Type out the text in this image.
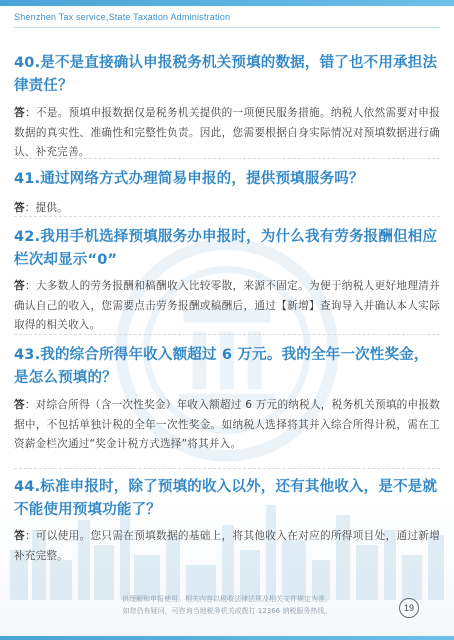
Shenzhen Tax service,State Taxation Administration
40.是不是直接确认申报税务机关预填的数据，错了也不用承担法律责任？
答：不是。预填申报数据仅是税务机关提供的一项便民服务措施。纳税人依然需要对申报数据的真实性、准确性和完整性负责。因此，您需要根据自身实际情况对预填数据进行确认、补充完善。
41.通过网络方式办理简易申报的，提供预填服务吗？
答：提供。
42.我用手机选择预填服务办申报时，为什么我有劳务报酬但相应栏次却显示“0”
答：大多数人的劳务报酬和稿酬收入比较零散，来源不固定。为便于纳税人更好地理清并确认自己的收入，您需要点击劳务报酬或稿酬后，通过【新增】查询导入并确认本人实际取得的相关收入。
43.我的综合所得年收入额超过 6 万元。我的全年一次性奖金，是怎么预填的？
答：对综合所得（含一次性奖金）年收入额超过 6 万元的纳税人，税务机关预填的申报数据中，不包括单独计税的全年一次性奖金。如纳税人选择将其并入综合所得计税，需在工资薪金栏次通过“奖金计税方式选择”将其并入。
44.标准申报时，除了预填的收入以外，还有其他收入，是不是就不能使用预填功能了？
答：可以使用。您只需在预填数据的基础上，将其他收入在对应的所得项目处，通过新增补充完整。
供理解和申报使用。相关内容以税收法律法规及相关文件规定为准。
如您仍有疑问，可咨询当地税务机关或拨打 12366 纳税服务热线。	19
